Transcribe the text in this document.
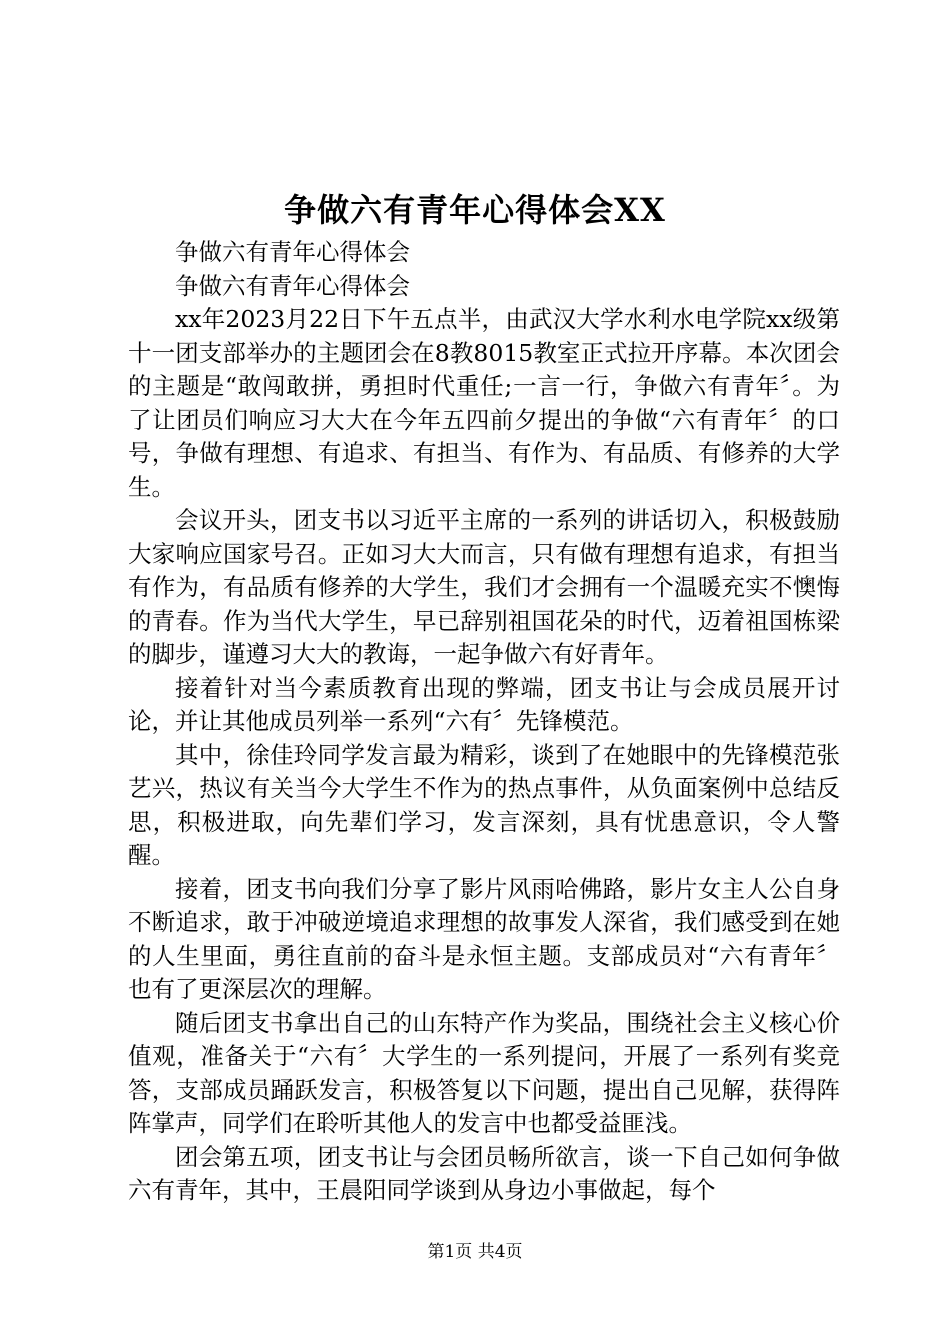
争做六有青年心得体会XX

争做六有青年心得体会

争做六有青年心得体会

xx年2023月22日下午五点半，由武汉大学水利水电学院xx级第十一团支部举办的主题团会在8教8015教室正式拉开序幕。本次团会的主题是“敢闯敢拼，勇担时代重任;一言一行，争做六有青年〞。为了让团员们响应习大大在今年五四前夕提出的争做“六有青年〞的口号，争做有理想、有追求、有担当、有作为、有品质、有修养的大学生。

会议开头，团支书以习近平主席的一系列的讲话切入，积极鼓励大家响应国家号召。正如习大大而言，只有做有理想有追求，有担当有作为，有品质有修养的大学生，我们才会拥有一个温暖充实不懊悔的青春。作为当代大学生，早已辞别祖国花朵的时代，迈着祖国栋梁的脚步，谨遵习大大的教诲，一起争做六有好青年。

接着针对当今素质教育出现的弊端，团支书让与会成员展开讨论，并让其他成员列举一系列“六有〞先锋模范。

其中，徐佳玲同学发言最为精彩，谈到了在她眼中的先锋模范张艺兴，热议有关当今大学生不作为的热点事件，从负面案例中总结反思，积极进取，向先辈们学习，发言深刻，具有忧患意识，令人警醒。

接着，团支书向我们分享了影片风雨哈佛路，影片女主人公自身不断追求，敢于冲破逆境追求理想的故事发人深省，我们感受到在她的人生里面，勇往直前的奋斗是永恒主题。支部成员对“六有青年〞也有了更深层次的理解。

随后团支书拿出自己的山东特产作为奖品，围绕社会主义核心价值观，准备关于“六有〞大学生的一系列提问，开展了一系列有奖竞答，支部成员踊跃发言，积极答复以下问题，提出自己见解，获得阵阵掌声，同学们在聆听其他人的发言中也都受益匪浅。

团会第五项，团支书让与会团员畅所欲言，谈一下自己如何争做六有青年，其中，王晨阳同学谈到从身边小事做起，每个

第1页 共4页
